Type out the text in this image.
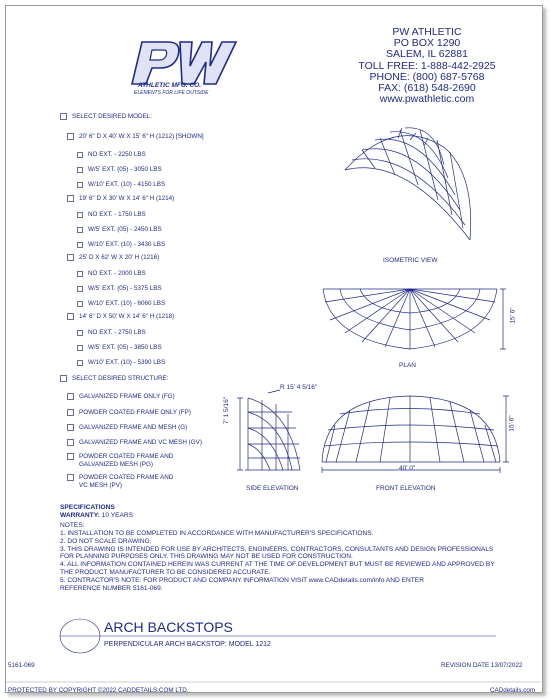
ATHLETIC MFG. CO.
ELEMENTS FOR LIFE OUTSIDE
PW ATHLETIC
PO BOX 1290
SALEM, IL 62881
TOLL FREE: 1-888-442-2925
PHONE: (800) 687-5768
FAX: (618) 548-2690
www.pwathletic.com
SELECT DESIRED MODEL:
20' 6" D X 40' W X 15' 6" H (1212) [SHOWN]
NO EXT. - 2250 LBS
W/5' EXT. (05) - 3050 LBS
W/10' EXT. (10) - 4150 LBS
19' 6" D X 30' W X 14' 6" H (1214)
NO EXT. - 1750 LBS
W/5' EXT. (05) - 2450 LBS
W/10' EXT. (10) - 3430 LBS
25' D X 62' W X 20' H (1216)
NO EXT. - 2000 LBS
W/5' EXT. (05) - 5375 LBS
W/10' EXT. (10) - 6060 LBS
14' 6" D X 50' W X 14' 6" H (1218)
NO EXT. - 2750 LBS
W/5' EXT. (05) - 3850 LBS
W/10' EXT. (10) - 5390 LBS
SELECT DESIRED STRUCTURE:
GALVANIZED FRAME ONLY (FG)
POWDER COATED FRAME ONLY (FP)
GALVANIZED FRAME AND MESH (G)
GALVANIZED FRAME AND VC MESH (GV)
POWDER COATED FRAME AND
GALVANIZED MESH (PG)
POWDER COATED FRAME AND
VC MESH (PV)
ISOMETRIC VIEW
PLAN
15' 6"
SIDE ELEVATION
7' 1 5/16"
R 15' 4 5/16"
FRONT ELEVATION
15' 6"
40' 0"
SPECIFICATIONS
WARRANTY: 10 YEARS
NOTES:
1. INSTALLATION TO BE COMPLETED IN ACCORDANCE WITH MANUFACTURER'S SPECIFICATIONS.
2. DO NOT SCALE DRAWING.
3. THIS DRAWING IS INTENDED FOR USE BY ARCHITECTS, ENGINEERS, CONTRACTORS, CONSULTANTS AND DESIGN PROFESSIONALS
FOR PLANNING PURPOSES ONLY. THIS DRAWING MAY NOT BE USED FOR CONSTRUCTION.
4. ALL INFORMATION CONTAINED HEREIN WAS CURRENT AT THE TIME OF DEVELOPMENT BUT MUST BE REVIEWED AND APPROVED BY
THE PRODUCT MANUFACTURER TO BE CONSIDERED ACCURATE.
5. CONTRACTOR'S NOTE: FOR PRODUCT AND COMPANY INFORMATION VISIT www.CADdetails.com/info AND ENTER
REFERENCE NUMBER 5161-069.
ARCH BACKSTOPS
PERPENDICULAR ARCH BACKSTOP: MODEL 1212
5161-069	REVISION DATE 13/07/2022
PROTECTED BY COPYRIGHT ©2022 CADDETAILS.COM LTD.	CADdetails.com
